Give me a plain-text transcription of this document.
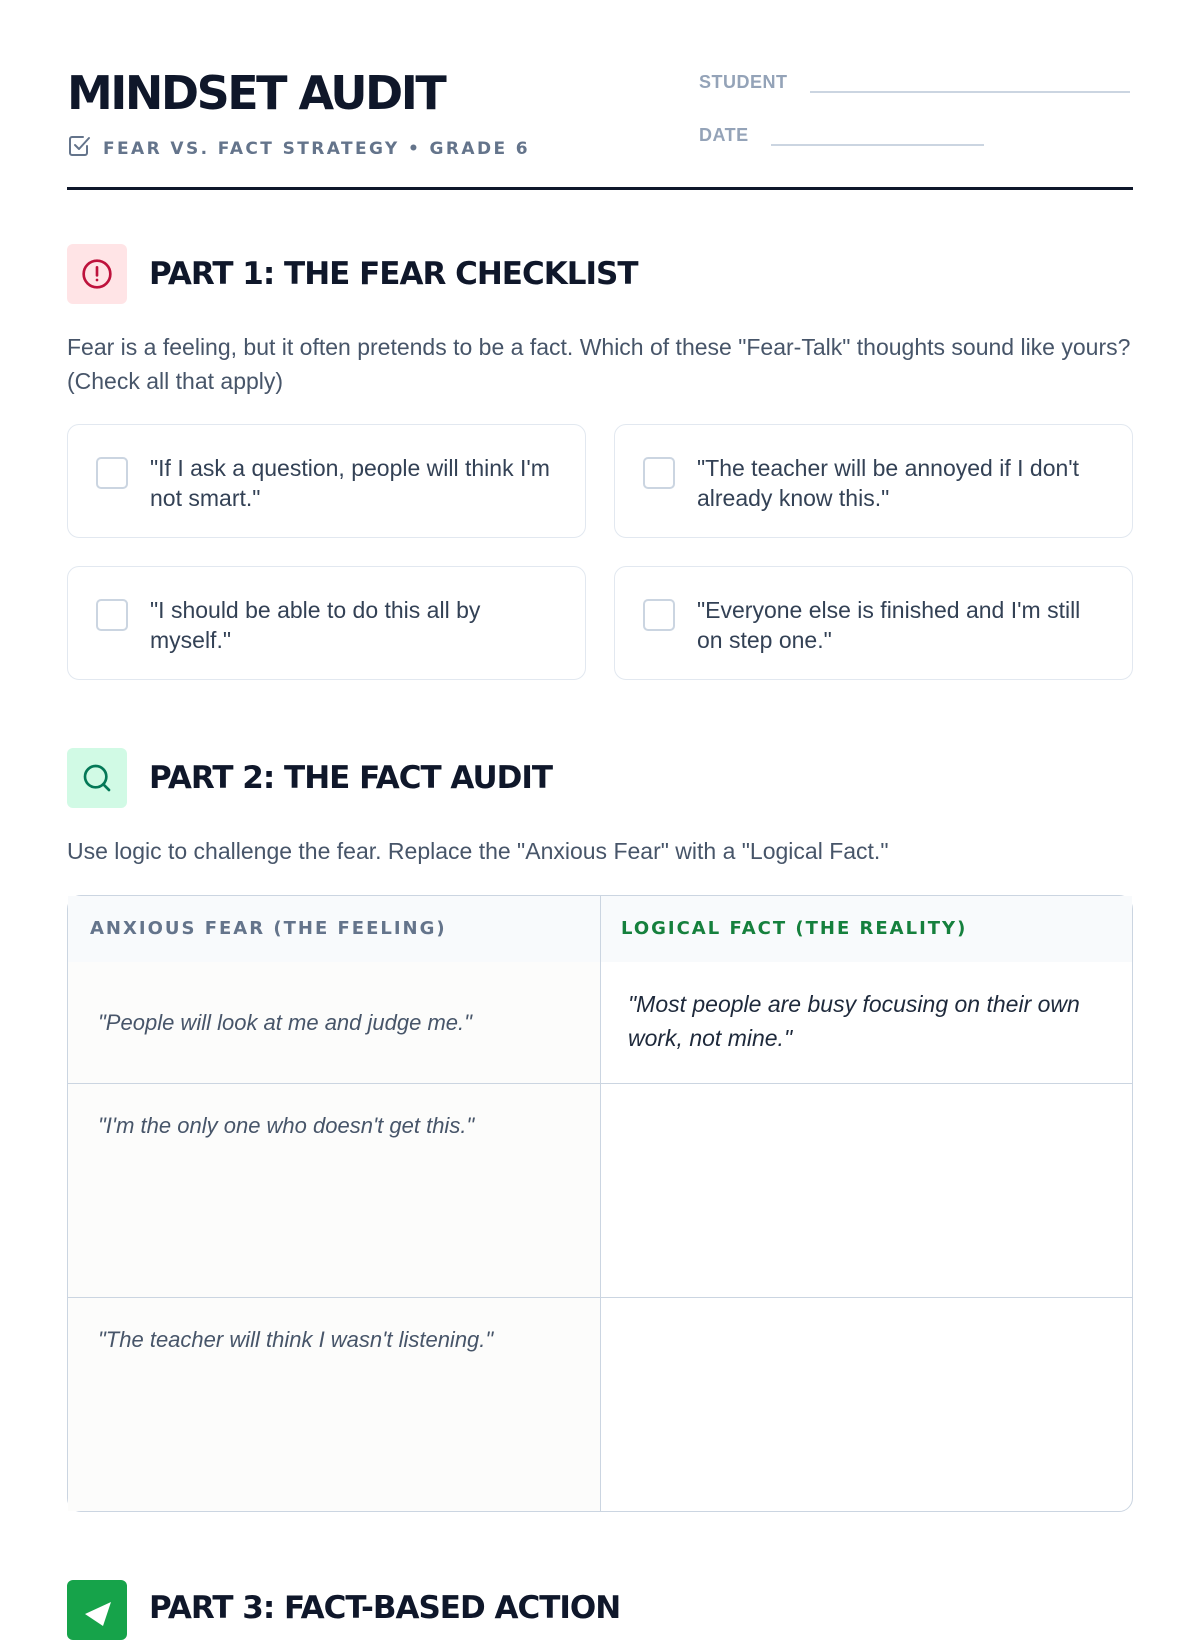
MINDSET AUDIT
FEAR VS. FACT STRATEGY • GRADE 6
STUDENT
DATE
PART 1: THE FEAR CHECKLIST
Fear is a feeling, but it often pretends to be a fact. Which of these "Fear-Talk" thoughts sound like yours? (Check all that apply)
"If I ask a question, people will think I'm not smart."
"The teacher will be annoyed if I don't already know this."
"I should be able to do this all by myself."
"Everyone else is finished and I'm still on step one."
PART 2: THE FACT AUDIT
Use logic to challenge the fear. Replace the "Anxious Fear" with a "Logical Fact."
ANXIOUS FEAR (THE FEELING)	LOGICAL FACT (THE REALITY)
"People will look at me and judge me."
"Most people are busy focusing on their own work, not mine."
"I'm the only one who doesn't get this."
"The teacher will think I wasn't listening."
PART 3: FACT-BASED ACTION
